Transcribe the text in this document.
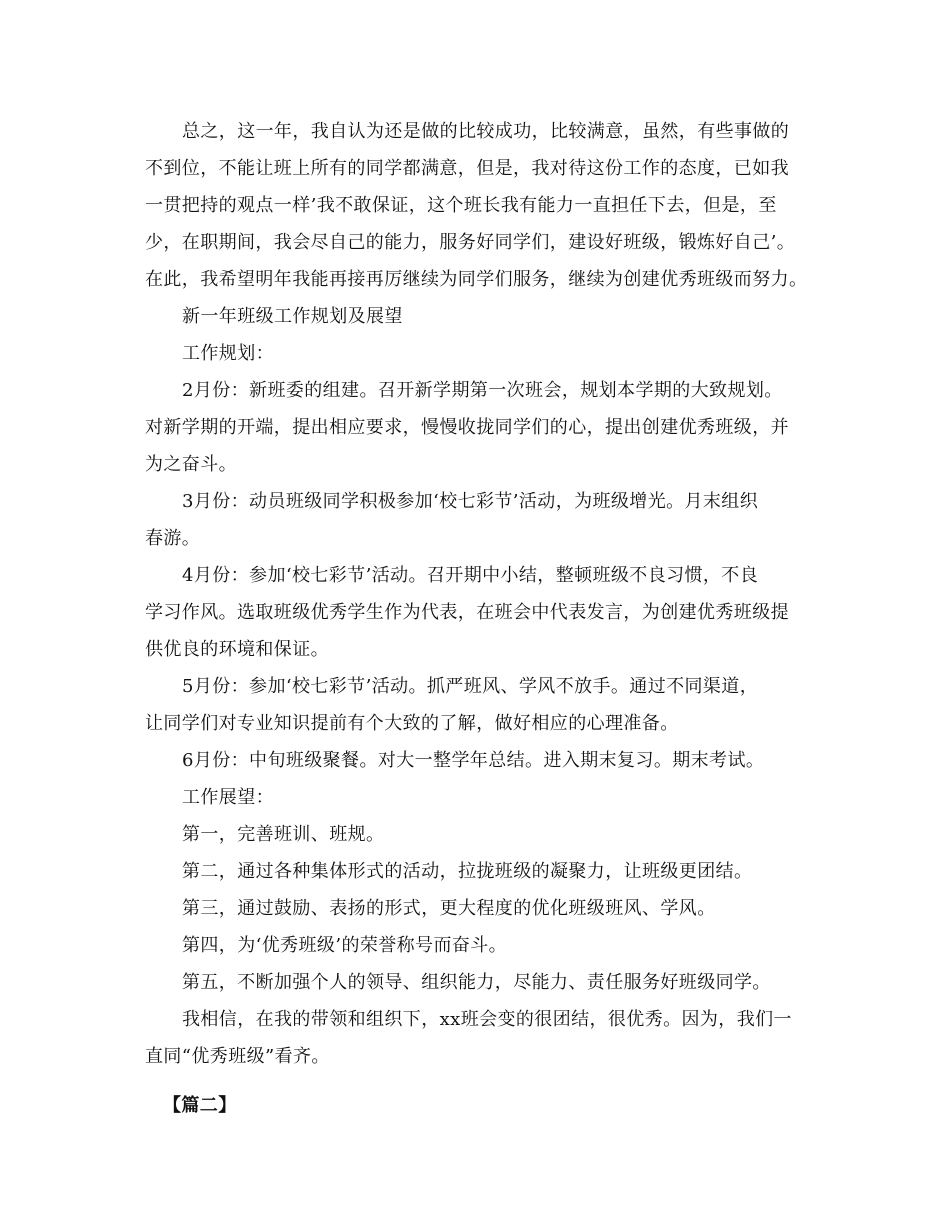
总之，这一年，我自认为还是做的比较成功，比较满意，虽然，有些事做的
不到位，不能让班上所有的同学都满意，但是，我对待这份工作的态度，已如我
一贯把持的观点一样’我不敢保证，这个班长我有能力一直担任下去，但是，至
少，在职期间，我会尽自己的能力，服务好同学们，建设好班级，锻炼好自己’。
在此，我希望明年我能再接再厉继续为同学们服务，继续为创建优秀班级而努力。
新一年班级工作规划及展望
工作规划：
2月份：新班委的组建。召开新学期第一次班会，规划本学期的大致规划。
对新学期的开端，提出相应要求，慢慢收拢同学们的心，提出创建优秀班级，并
为之奋斗。
3月份：动员班级同学积极参加‘校七彩节’活动，为班级增光。月末组织
春游。
4月份：参加‘校七彩节’活动。召开期中小结，整顿班级不良习惯，不良
学习作风。选取班级优秀学生作为代表，在班会中代表发言，为创建优秀班级提
供优良的环境和保证。
5月份：参加‘校七彩节’活动。抓严班风、学风不放手。通过不同渠道，
让同学们对专业知识提前有个大致的了解，做好相应的心理准备。
6月份：中旬班级聚餐。对大一整学年总结。进入期末复习。期末考试。
工作展望：
第一，完善班训、班规。
第二，通过各种集体形式的活动，拉拢班级的凝聚力，让班级更团结。
第三，通过鼓励、表扬的形式，更大程度的优化班级班风、学风。
第四，为‘优秀班级’的荣誉称号而奋斗。
第五，不断加强个人的领导、组织能力，尽能力、责任服务好班级同学。
我相信，在我的带领和组织下，xx班会变的很团结，很优秀。因为，我们一
直同“优秀班级”看齐。
【篇二】
